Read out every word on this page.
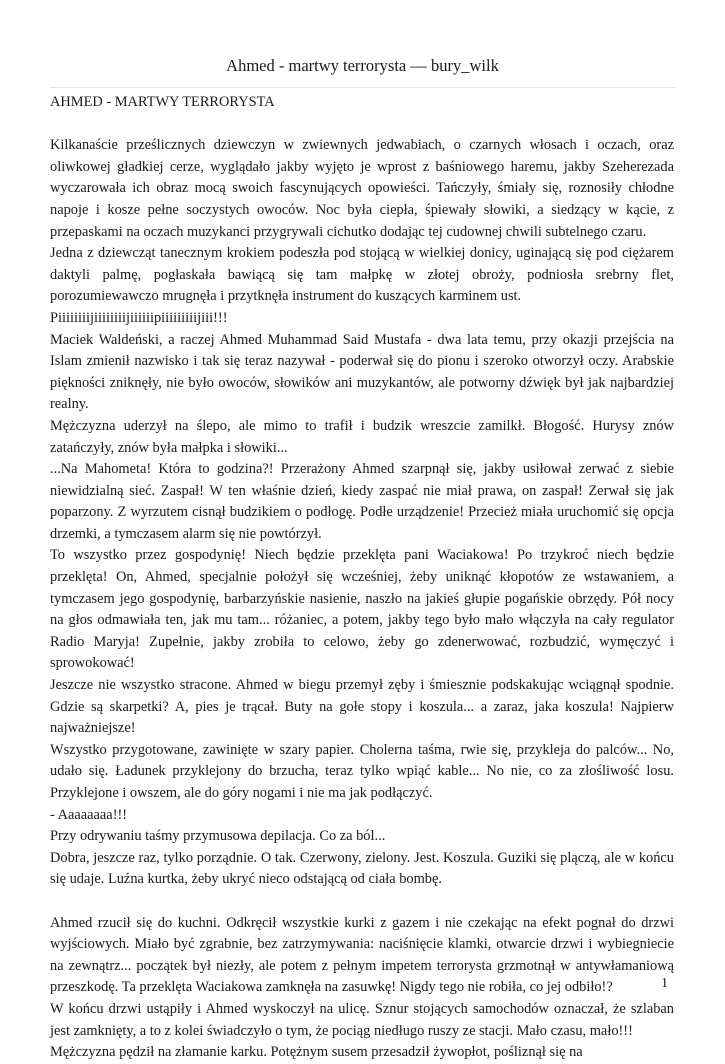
Ahmed - martwy terrorysta — bury_wilk

AHMED - MARTWY TERRORYSTA

Kilkanaście prześlicznych dziewczyn w zwiewnych jedwabiach, o czarnych włosach i oczach, oraz oliwkowej gładkiej cerze, wyglądało jakby wyjęto je wprost z baśniowego haremu, jakby Szeherezada wyczarowała ich obraz mocą swoich fascynujących opowieści. Tańczyły, śmiały się, roznosiły chłodne napoje i kosze pełne soczystych owoców. Noc była ciepła, śpiewały słowiki, a siedzący w kącie, z przepaskami na oczach muzykanci przygrywali cichutko dodając tej cudownej chwili subtelnego czaru.

Jedna z dziewcząt tanecznym krokiem podeszła pod stojącą w wielkiej donicy, uginającą się pod ciężarem daktyli palmę, pogłaskała bawiącą się tam małpkę w złotej obroży, podniosła srebrny flet, porozumiewawczo mrugnęła i przytknęła instrument do kuszących karminem ust.

Piiiiiiiijiiiiiiiijiiiiiipiiiiiiiiijiii!!!

Maciek Waldeński, a raczej Ahmed Muhammad Said Mustafa - dwa lata temu, przy okazji przejścia na Islam zmienił nazwisko i tak się teraz nazywał - poderwał się do pionu i szeroko otworzył oczy. Arabskie piękności zniknęły, nie było owoców, słowików ani muzykantów, ale potworny dźwięk był jak najbardziej realny.

Mężczyzna uderzył na ślepo, ale mimo to trafił i budzik wreszcie zamilkł. Błogość. Hurysy znów zatańczyły, znów była małpka i słowiki...

...Na Mahometa! Która to godzina?! Przerażony Ahmed szarpnął się, jakby usiłował zerwać z siebie niewidzialną sieć. Zaspał! W ten właśnie dzień, kiedy zaspać nie miał prawa, on zaspał! Zerwał się jak poparzony. Z wyrzutem cisnął budzikiem o podłogę. Podłe urządzenie! Przecież miała uruchomić się opcja drzemki, a tymczasem alarm się nie powtórzył.

To wszystko przez gospodynię! Niech będzie przeklęta pani Waciakowa! Po trzykroć niech będzie przeklęta! On, Ahmed, specjalnie położył się wcześniej, żeby uniknąć kłopotów ze wstawaniem, a tymczasem jego gospodynię, barbarzyńskie nasienie, naszło na jakieś głupie pogańskie obrzędy. Pół nocy na głos odmawiała ten, jak mu tam... różaniec, a potem, jakby tego było mało włączyła na cały regulator Radio Maryja! Zupełnie, jakby zrobiła to celowo, żeby go zdenerwować, rozbudzić, wymęczyć i sprowokować!

Jeszcze nie wszystko stracone. Ahmed w biegu przemył zęby i śmiesznie podskakując wciągnął spodnie. Gdzie są skarpetki? A, pies je trącał. Buty na gołe stopy i koszula... a zaraz, jaka koszula! Najpierw najważniejsze!

Wszystko przygotowane, zawinięte w szary papier. Cholerna taśma, rwie się, przykleja do palców... No, udało się. Ładunek przyklejony do brzucha, teraz tylko wpiąć kable... No nie, co za złośliwość losu. Przyklejone i owszem, ale do góry nogami i nie ma jak podłączyć.

- Aaaaaaaa!!!

Przy odrywaniu taśmy przymusowa depilacja. Co za ból...

Dobra, jeszcze raz, tylko porządnie. O tak. Czerwony, zielony. Jest. Koszula. Guziki się plączą, ale w końcu się udaje. Luźna kurtka, żeby ukryć nieco odstającą od ciała bombę.

Ahmed rzucił się do kuchni. Odkręcił wszystkie kurki z gazem i nie czekając na efekt pognał do drzwi wyjściowych. Miało być zgrabnie, bez zatrzymywania: naciśnięcie klamki, otwarcie drzwi i wybiegniecie na zewnątrz... początek był niezły, ale potem z pełnym impetem terrorysta grzmotnął w antywłamaniową przeszkodę. Ta przeklęta Waciakowa zamknęła na zasuwkę! Nigdy tego nie robiła, co jej odbiło!?

W końcu drzwi ustąpiły i Ahmed wyskoczył na ulicę. Sznur stojących samochodów oznaczał, że szlaban jest zamknięty, a to z kolei świadczyło o tym, że pociąg niedługo ruszy ze stacji. Mało czasu, mało!!!

Mężczyzna pędził na złamanie karku. Potężnym susem przesadził żywopłot, pośliznął się na

1
